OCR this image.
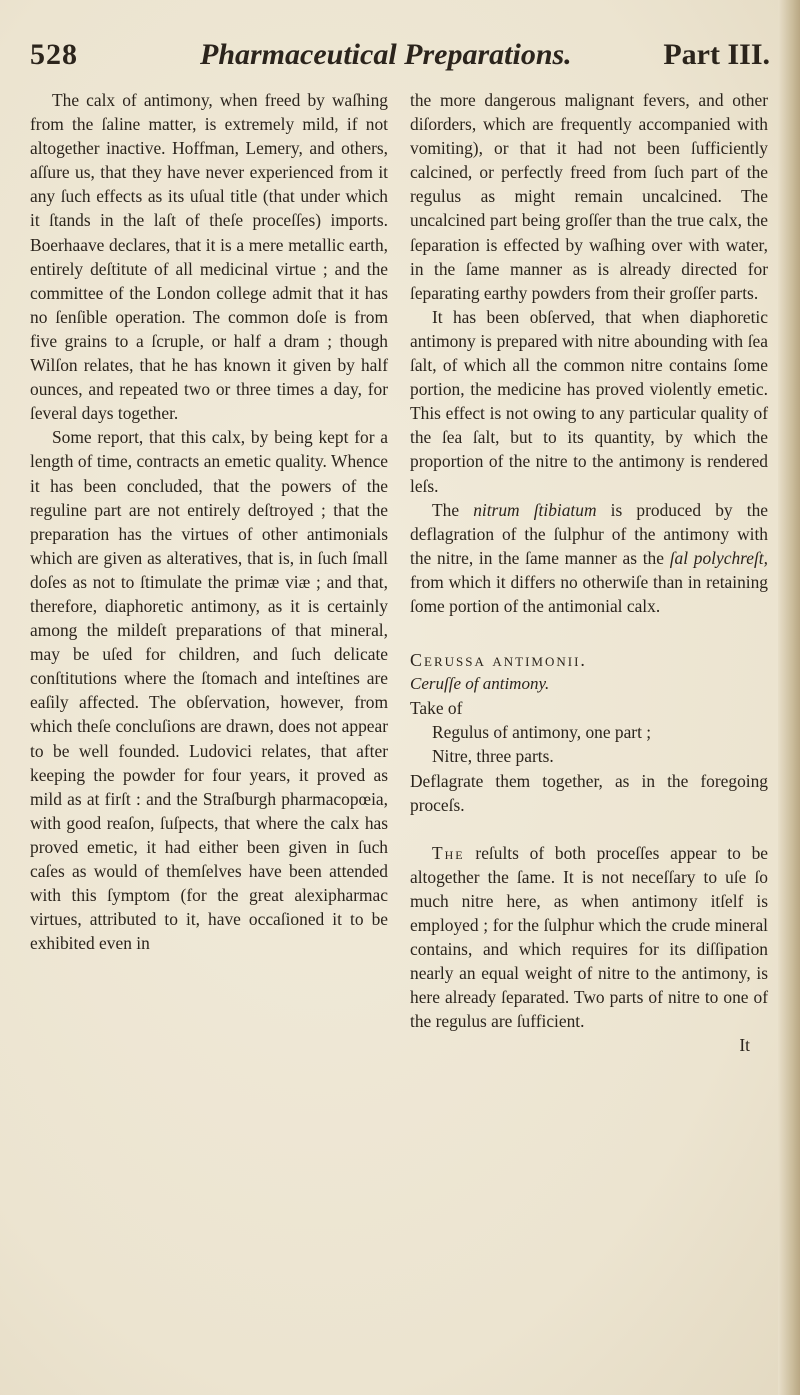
528	Pharmaceutical Preparations.	Part III.

The calx of antimony, when freed by waſhing from the ſaline matter, is extremely mild, if not altogether inactive. Hoffman, Lemery, and others, aſſure us, that they have never experienced from it any ſuch effects as its uſual title (that under which it ſtands in the laſt of theſe proceſſes) imports. Boerhaave declares, that it is a mere metallic earth, entirely deſtitute of all medicinal virtue ; and the committee of the London college admit that it has no ſenſible operation. The common doſe is from five grains to a ſcruple, or half a dram ; though Wilſon relates, that he has known it given by half ounces, and repeated two or three times a day, for ſeveral days together.

Some report, that this calx, by being kept for a length of time, contracts an emetic quality. Whence it has been concluded, that the powers of the reguline part are not entirely deſtroyed ; that the preparation has the virtues of other antimonials which are given as alteratives, that is, in ſuch ſmall doſes as not to ſtimulate the primæ viæ ; and that, therefore, diaphoretic antimony, as it is certainly among the mildeſt preparations of that mineral, may be uſed for children, and ſuch delicate conſtitutions where the ſtomach and inteſtines are eaſily affected. The obſervation, however, from which theſe concluſions are drawn, does not appear to be well founded. Ludovici relates, that after keeping the powder for four years, it proved as mild as at firſt : and the Straſburgh pharmacopœia, with good reaſon, ſuſpects, that where the calx has proved emetic, it had either been given in ſuch caſes as would of themſelves have been attended with this ſymptom (for the great alexipharmac virtues, attributed to it, have occaſioned it to be exhibited even in

the more dangerous malignant fevers, and other diſorders, which are frequently accompanied with vomiting), or that it had not been ſufficiently calcined, or perfectly freed from ſuch part of the regulus as might remain uncalcined. The uncalcined part being groſſer than the true calx, the ſeparation is effected by waſhing over with water, in the ſame manner as is already directed for ſeparating earthy powders from their groſſer parts.

It has been obſerved, that when diaphoretic antimony is prepared with nitre abounding with ſea ſalt, of which all the common nitre contains ſome portion, the medicine has proved violently emetic. This effect is not owing to any particular quality of the ſea ſalt, but to its quantity, by which the proportion of the nitre to the antimony is rendered leſs.

The nitrum ſtibiatum is produced by the deflagration of the ſulphur of the antimony with the nitre, in the ſame manner as the ſal polychreſt, from which it differs no otherwiſe than in retaining ſome portion of the antimonial calx.

Cerussa antimonii.

Ceruſſe of antimony.

Take of

Regulus of antimony, one part ;

Nitre, three parts.

Deflagrate them together, as in the foregoing proceſs.

The reſults of both proceſſes appear to be altogether the ſame. It is not neceſſary to uſe ſo much nitre here, as when antimony itſelf is employed ; for the ſulphur which the crude mineral contains, and which requires for its diſſipation nearly an equal weight of nitre to the antimony, is here already ſeparated. Two parts of nitre to one of the regulus are ſufficient.

It
